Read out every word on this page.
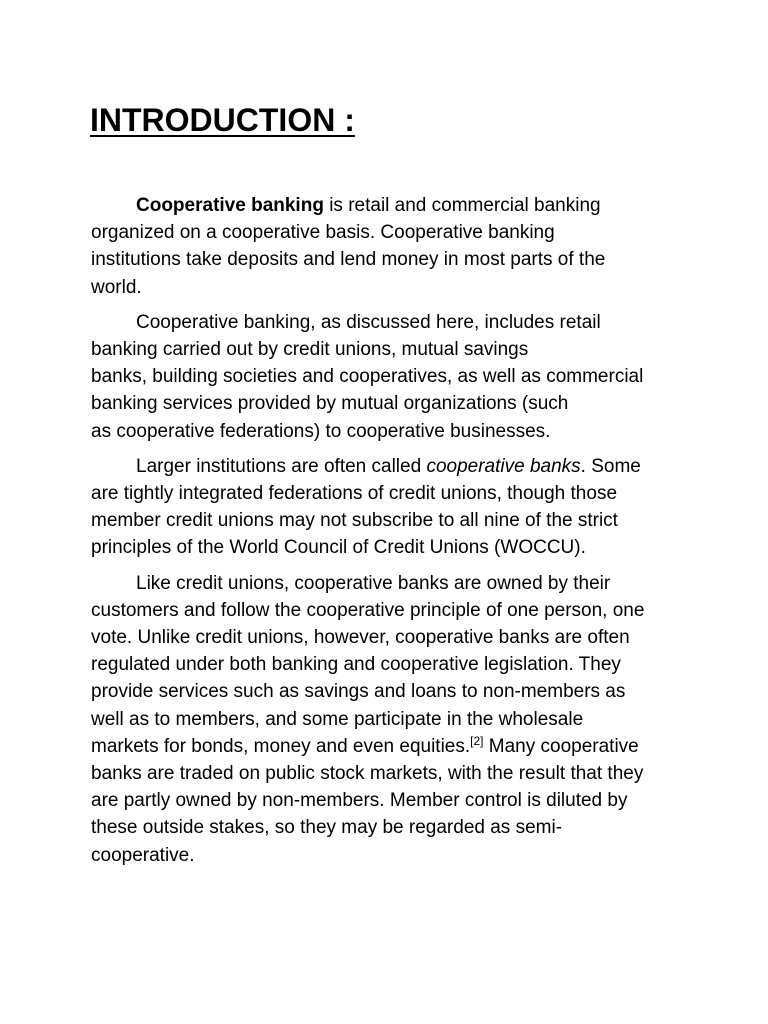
INTRODUCTION :

Cooperative banking is retail and commercial banking
organized on a cooperative basis. Cooperative banking
institutions take deposits and lend money in most parts of the
world.

Cooperative banking, as discussed here, includes retail
banking carried out by credit unions, mutual savings
banks, building societies and cooperatives, as well as commercial
banking services provided by mutual organizations (such
as cooperative federations) to cooperative businesses.

Larger institutions are often called cooperative banks. Some
are tightly integrated federations of credit unions, though those
member credit unions may not subscribe to all nine of the strict
principles of the World Council of Credit Unions (WOCCU).

Like credit unions, cooperative banks are owned by their
customers and follow the cooperative principle of one person, one
vote. Unlike credit unions, however, cooperative banks are often
regulated under both banking and cooperative legislation. They
provide services such as savings and loans to non-members as
well as to members, and some participate in the wholesale
markets for bonds, money and even equities.[2] Many cooperative
banks are traded on public stock markets, with the result that they
are partly owned by non-members. Member control is diluted by
these outside stakes, so they may be regarded as semi-
cooperative.
